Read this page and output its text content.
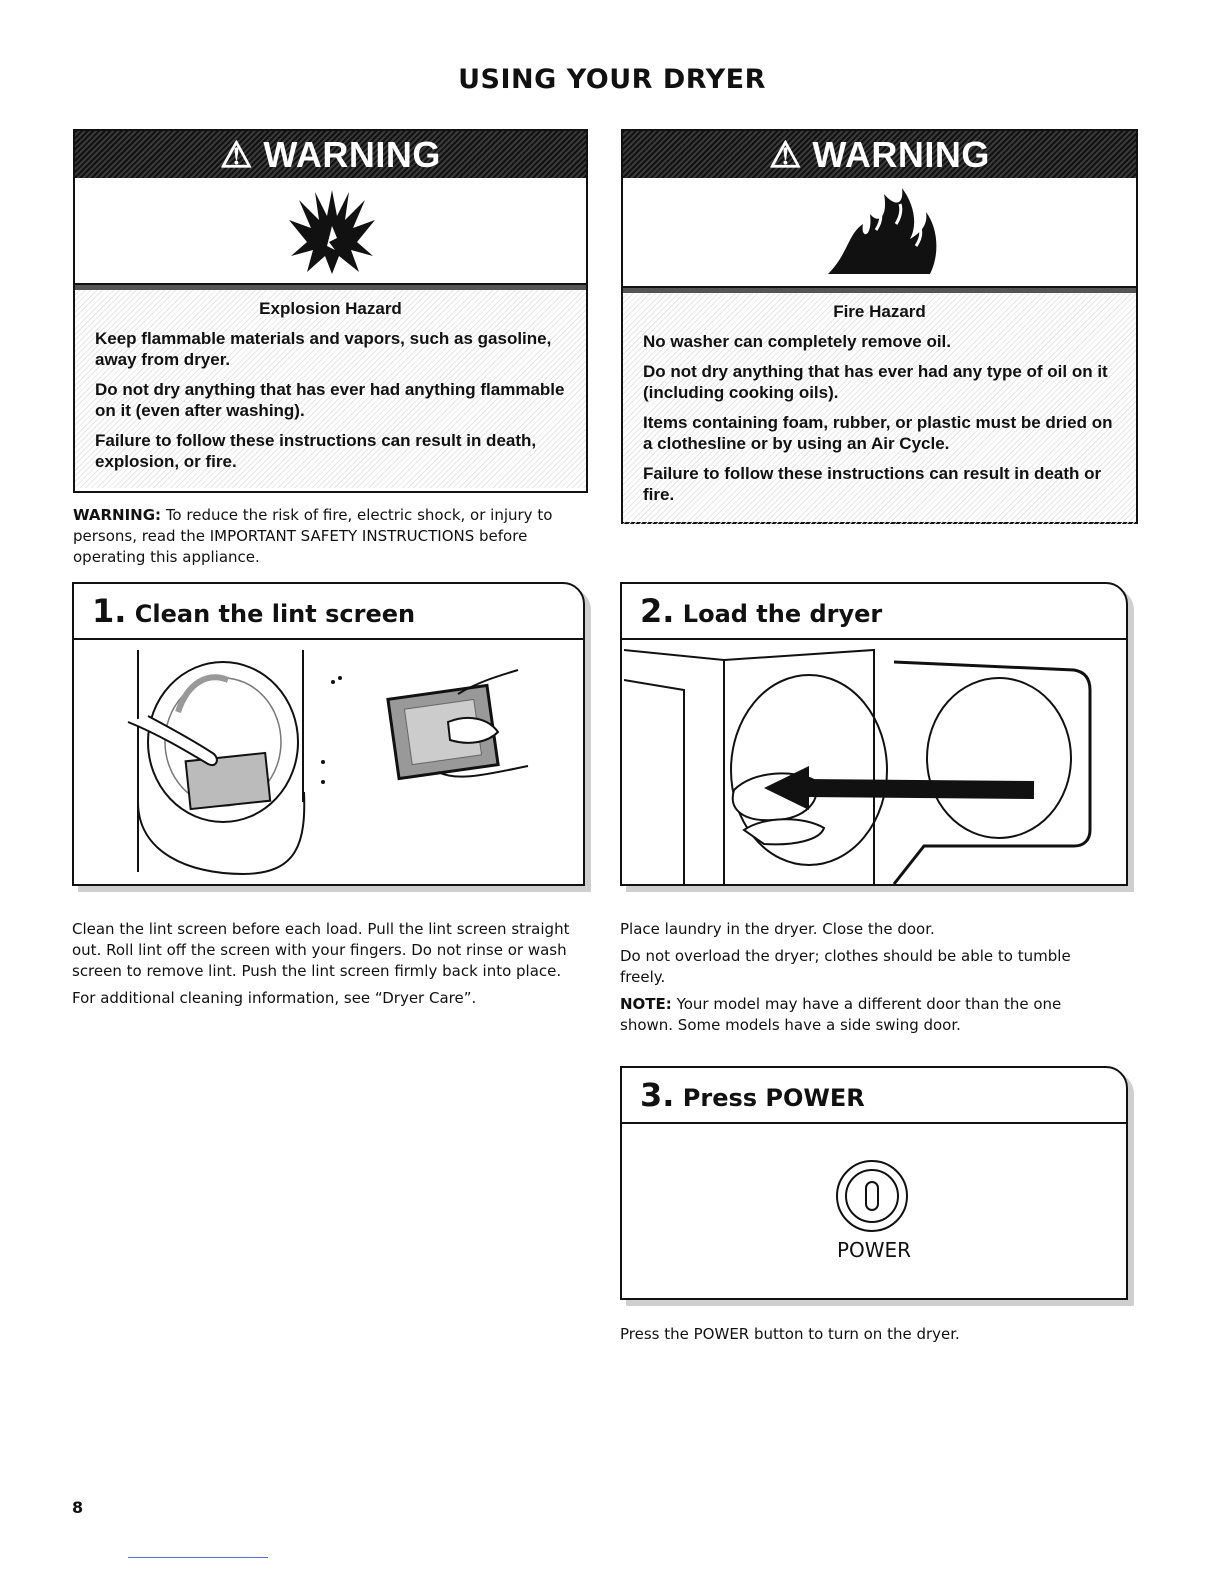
USING YOUR DRYER
⚠ WARNING
Explosion Hazard

Keep flammable materials and vapors, such as gasoline, away from dryer.

Do not dry anything that has ever had anything flammable on it (even after washing).

Failure to follow these instructions can result in death, explosion, or fire.

WARNING: To reduce the risk of fire, electric shock, or injury to persons, read the IMPORTANT SAFETY INSTRUCTIONS before operating this appliance.
⚠ WARNING
Fire Hazard

No washer can completely remove oil.

Do not dry anything that has ever had any type of oil on it (including cooking oils).

Items containing foam, rubber, or plastic must be dried on a clothesline or by using an Air Cycle.

Failure to follow these instructions can result in death or fire.

1. Clean the lint screen

Clean the lint screen before each load. Pull the lint screen straight out. Roll lint off the screen with your fingers. Do not rinse or wash screen to remove lint. Push the lint screen firmly back into place.

For additional cleaning information, see “Dryer Care”.

2. Load the dryer

Place laundry in the dryer. Close the door.

Do not overload the dryer; clothes should be able to tumble freely.

NOTE: Your model may have a different door than the one shown. Some models have a side swing door.

3. Press POWER
POWER

Press the POWER button to turn on the dryer.

8
